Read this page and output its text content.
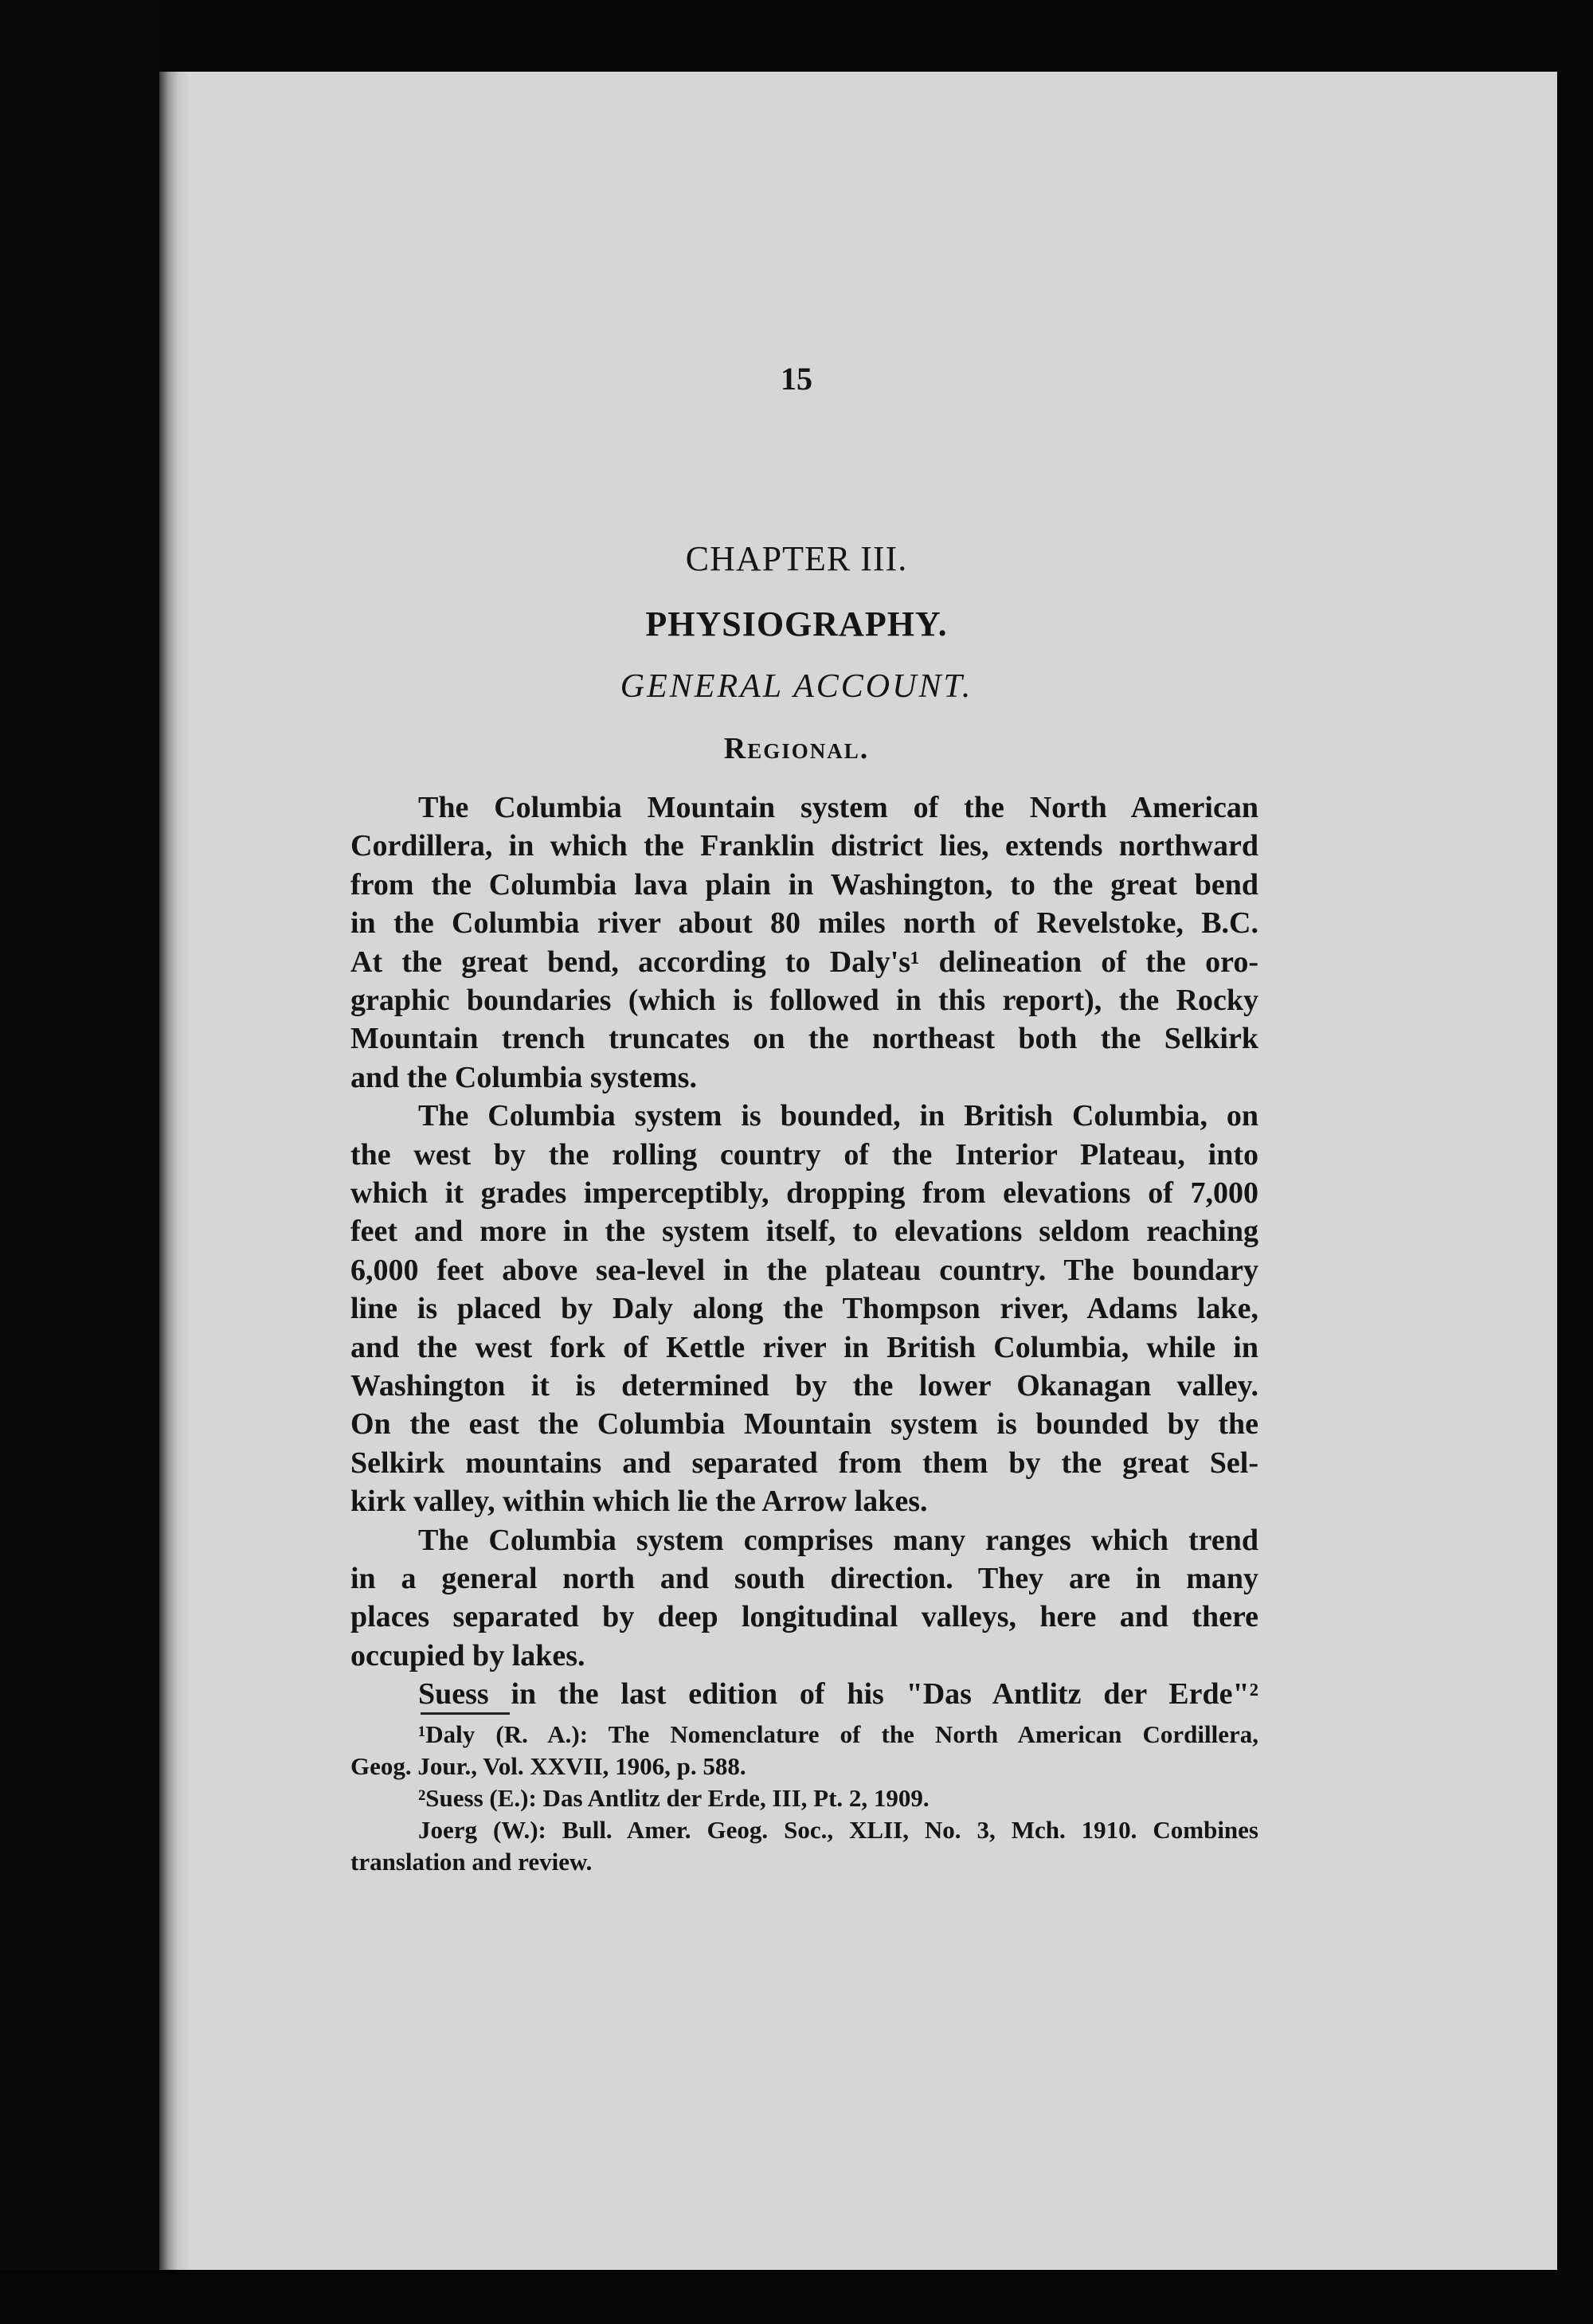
15
CHAPTER III.
PHYSIOGRAPHY.
GENERAL ACCOUNT.
Regional.
The Columbia Mountain system of the North American
Cordillera, in which the Franklin district lies, extends northward
from the Columbia lava plain in Washington, to the great bend
in the Columbia river about 80 miles north of Revelstoke, B.C.
At the great bend, according to Daly's¹ delineation of the oro-
graphic boundaries (which is followed in this report), the Rocky
Mountain trench truncates on the northeast both the Selkirk
and the Columbia systems.
The Columbia system is bounded, in British Columbia, on
the west by the rolling country of the Interior Plateau, into
which it grades imperceptibly, dropping from elevations of 7,000
feet and more in the system itself, to elevations seldom reaching
6,000 feet above sea-level in the plateau country. The boundary
line is placed by Daly along the Thompson river, Adams lake,
and the west fork of Kettle river in British Columbia, while in
Washington it is determined by the lower Okanagan valley.
On the east the Columbia Mountain system is bounded by the
Selkirk mountains and separated from them by the great Sel-
kirk valley, within which lie the Arrow lakes.
The Columbia system comprises many ranges which trend
in a general north and south direction. They are in many
places separated by deep longitudinal valleys, here and there
occupied by lakes.
Suess in the last edition of his "Das Antlitz der Erde"²
¹Daly (R. A.): The Nomenclature of the North American Cordillera,
Geog. Jour., Vol. XXVII, 1906, p. 588.
²Suess (E.): Das Antlitz der Erde, III, Pt. 2, 1909.
Joerg (W.): Bull. Amer. Geog. Soc., XLII, No. 3, Mch. 1910. Combines
translation and review.
